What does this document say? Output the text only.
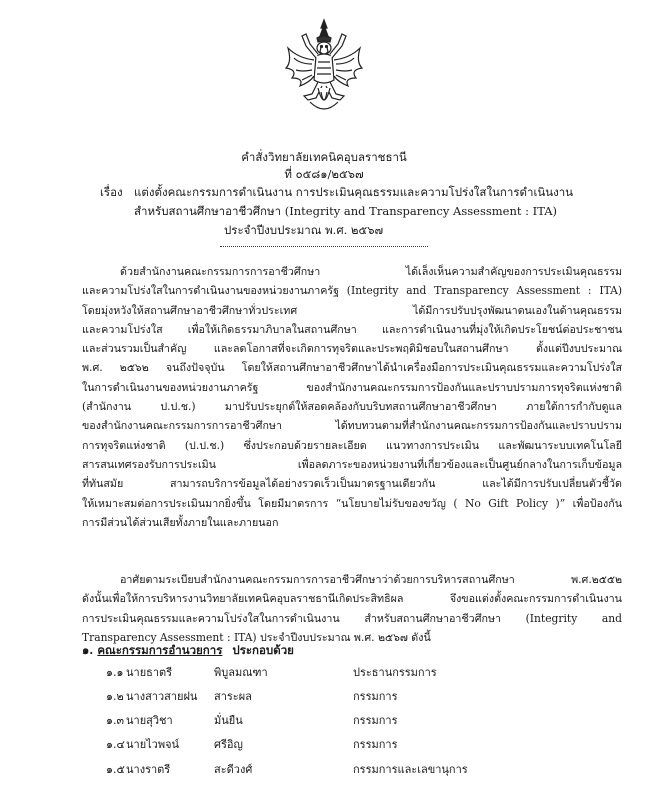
คำสั่งวิทยาลัยเทคนิคอุบลราชธานี
ที่ ๐๕๘๑/๒๕๖๗
เรื่อง แต่งตั้งคณะกรรมการดำเนินงาน การประเมินคุณธรรมและความโปร่งใสในการดำเนินงาน
สำหรับสถานศึกษาอาชีวศึกษา (Integrity and Transparency Assessment : ITA)
ประจำปีงบประมาณ พ.ศ. ๒๕๖๗

ด้วยสำนักงานคณะกรรมการการอาชีวศึกษา ได้เล็งเห็นความสำคัญของการประเมินคุณธรรม

และความโปร่งใสในการดำเนินงานของหน่วยงานภาครัฐ (Integrity and Transparency Assessment : ITA)

โดยมุ่งหวังให้สถานศึกษาอาชีวศึกษาทั่วประเทศ ได้มีการปรับปรุงพัฒนาตนเองในด้านคุณธรรม

และความโปร่งใส เพื่อให้เกิดธรรมาภิบาลในสถานศึกษา และการดำเนินงานที่มุ่งให้เกิดประโยชน์ต่อประชาชน

และส่วนรวมเป็นสำคัญ และลดโอกาสที่จะเกิดการทุจริตและประพฤติมิชอบในสถานศึกษา ตั้งแต่ปีงบประมาณ

พ.ศ. ๒๕๖๒ จนถึงปัจจุบัน โดยให้สถานศึกษาอาชีวศึกษาได้นำเครื่องมือการประเมินคุณธรรมและความโปร่งใส

ในการดำเนินงานของหน่วยงานภาครัฐ ของสำนักงานคณะกรรมการป้องกันและปราบปรามการทุจริตแห่งชาติ

(สำนักงาน ป.ป.ช.) มาปรับประยุกต์ให้สอดคล้องกับบริบทสถานศึกษาอาชีวศึกษา ภายใต้การกำกับดูแล

ของสำนักงานคณะกรรมการการอาชีวศึกษา ได้ทบทวนตามที่สำนักงานคณะกรรมการป้องกันและปราบปราม

การทุจริตแห่งชาติ (ป.ป.ช.) ซึ่งประกอบด้วยรายละเอียด แนวทางการประเมิน และพัฒนาระบบเทคโนโลยี

สารสนเทศรองรับการประเมิน เพื่อลดภาระของหน่วยงานที่เกี่ยวข้องและเป็นศูนย์กลางในการเก็บข้อมูล

ที่ทันสมัย สามารถบริการข้อมูลได้อย่างรวดเร็วเป็นมาตรฐานเดียวกัน และได้มีการปรับเปลี่ยนตัวชี้วัด

ให้เหมาะสมต่อการประเมินมากยิ่งขึ้น โดยมีมาตรการ “นโยบายไม่รับของขวัญ ( No Gift Policy )” เพื่อป้องกัน

การมีส่วนได้ส่วนเสียทั้งภายในและภายนอก

อาศัยตามระเบียบสำนักงานคณะกรรมการการอาชีวศึกษาว่าด้วยการบริหารสถานศึกษา พ.ศ.๒๕๕๒

ดังนั้นเพื่อให้การบริหารงานวิทยาลัยเทคนิคอุบลราชธานีเกิดประสิทธิผล จึงขอแต่งตั้งคณะกรรมการดำเนินงาน

การประเมินคุณธรรมและความโปร่งใสในการดำเนินงาน สำหรับสถานศึกษาอาชีวศึกษา (Integrity and

Transparency Assessment : ITA) ประจำปีงบประมาณ พ.ศ. ๒๕๖๗ ดังนี้

๑. คณะกรรมการอำนวยการ ประกอบด้วย
๑.๑ นายธาตรี	พิบูลมณฑา	ประธานกรรมการ
๑.๒ นางสาวสายฝน สาระผล	กรรมการ
๑.๓ นายสุวิชา	มั่นยืน	กรรมการ
๑.๔ นายไวพจน์	ศรีอิญ	กรรมการ
๑.๕ นางราตรี	สะดีวงศ์	กรรมการและเลขานุการ
